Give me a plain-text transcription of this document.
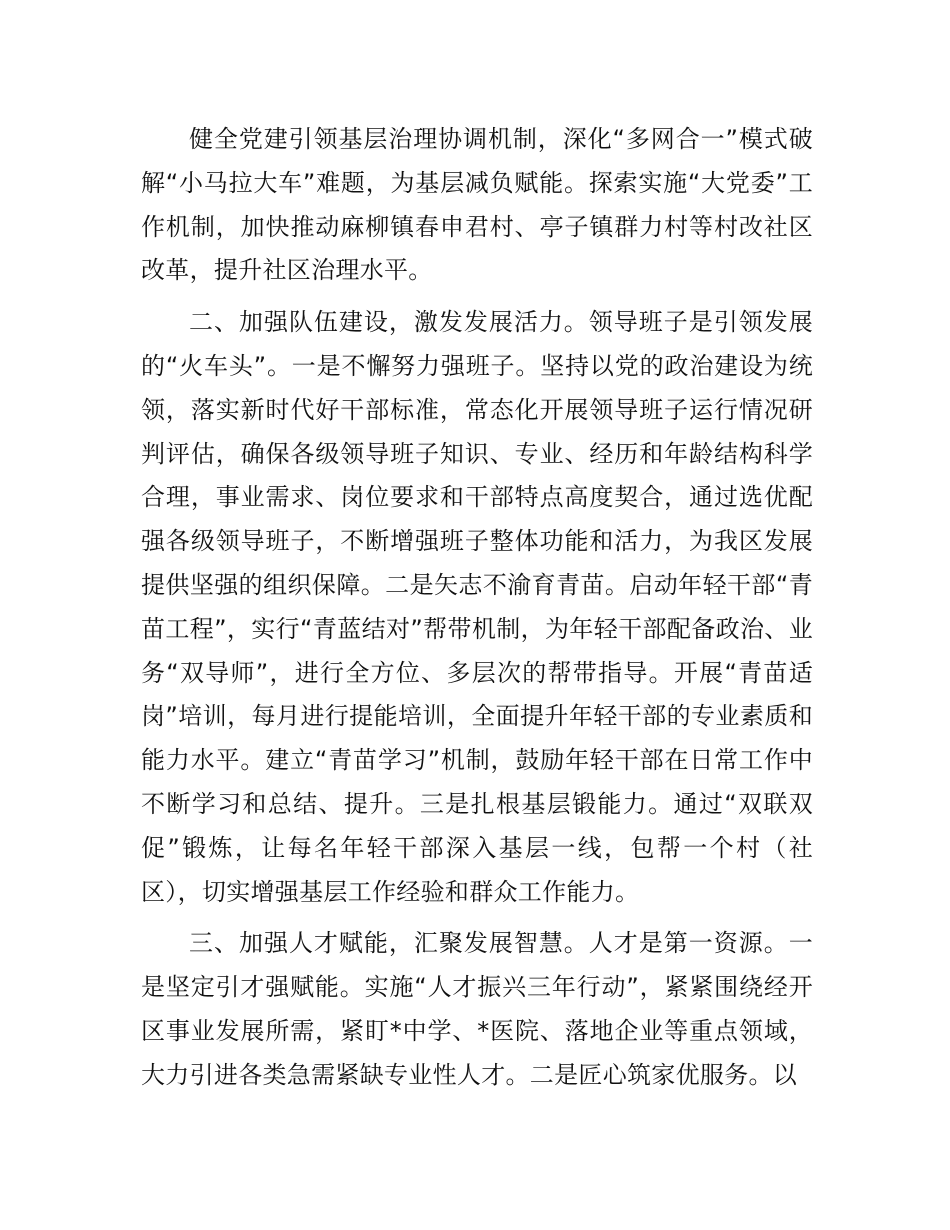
健全党建引领基层治理协调机制，深化“多网合一”模式破解“小马拉大车”难题，为基层减负赋能。探索实施“大党委”工作机制，加快推动麻柳镇春申君村、亭子镇群力村等村改社区改革，提升社区治理水平。

二、加强队伍建设，激发发展活力。领导班子是引领发展的“火车头”。一是不懈努力强班子。坚持以党的政治建设为统领，落实新时代好干部标准，常态化开展领导班子运行情况研判评估，确保各级领导班子知识、专业、经历和年龄结构科学合理，事业需求、岗位要求和干部特点高度契合，通过选优配强各级领导班子，不断增强班子整体功能和活力，为我区发展提供坚强的组织保障。二是矢志不渝育青苗。启动年轻干部“青苗工程”，实行“青蓝结对”帮带机制，为年轻干部配备政治、业务“双导师”，进行全方位、多层次的帮带指导。开展“青苗适岗”培训，每月进行提能培训，全面提升年轻干部的专业素质和能力水平。建立“青苗学习”机制，鼓励年轻干部在日常工作中不断学习和总结、提升。三是扎根基层锻能力。通过“双联双促”锻炼，让每名年轻干部深入基层一线，包帮一个村（社区），切实增强基层工作经验和群众工作能力。

三、加强人才赋能，汇聚发展智慧。人才是第一资源。一是坚定引才强赋能。实施“人才振兴三年行动”，紧紧围绕经开区事业发展所需，紧盯*中学、*医院、落地企业等重点领域，大力引进各类急需紧缺专业性人才。二是匠心筑家优服务。以
